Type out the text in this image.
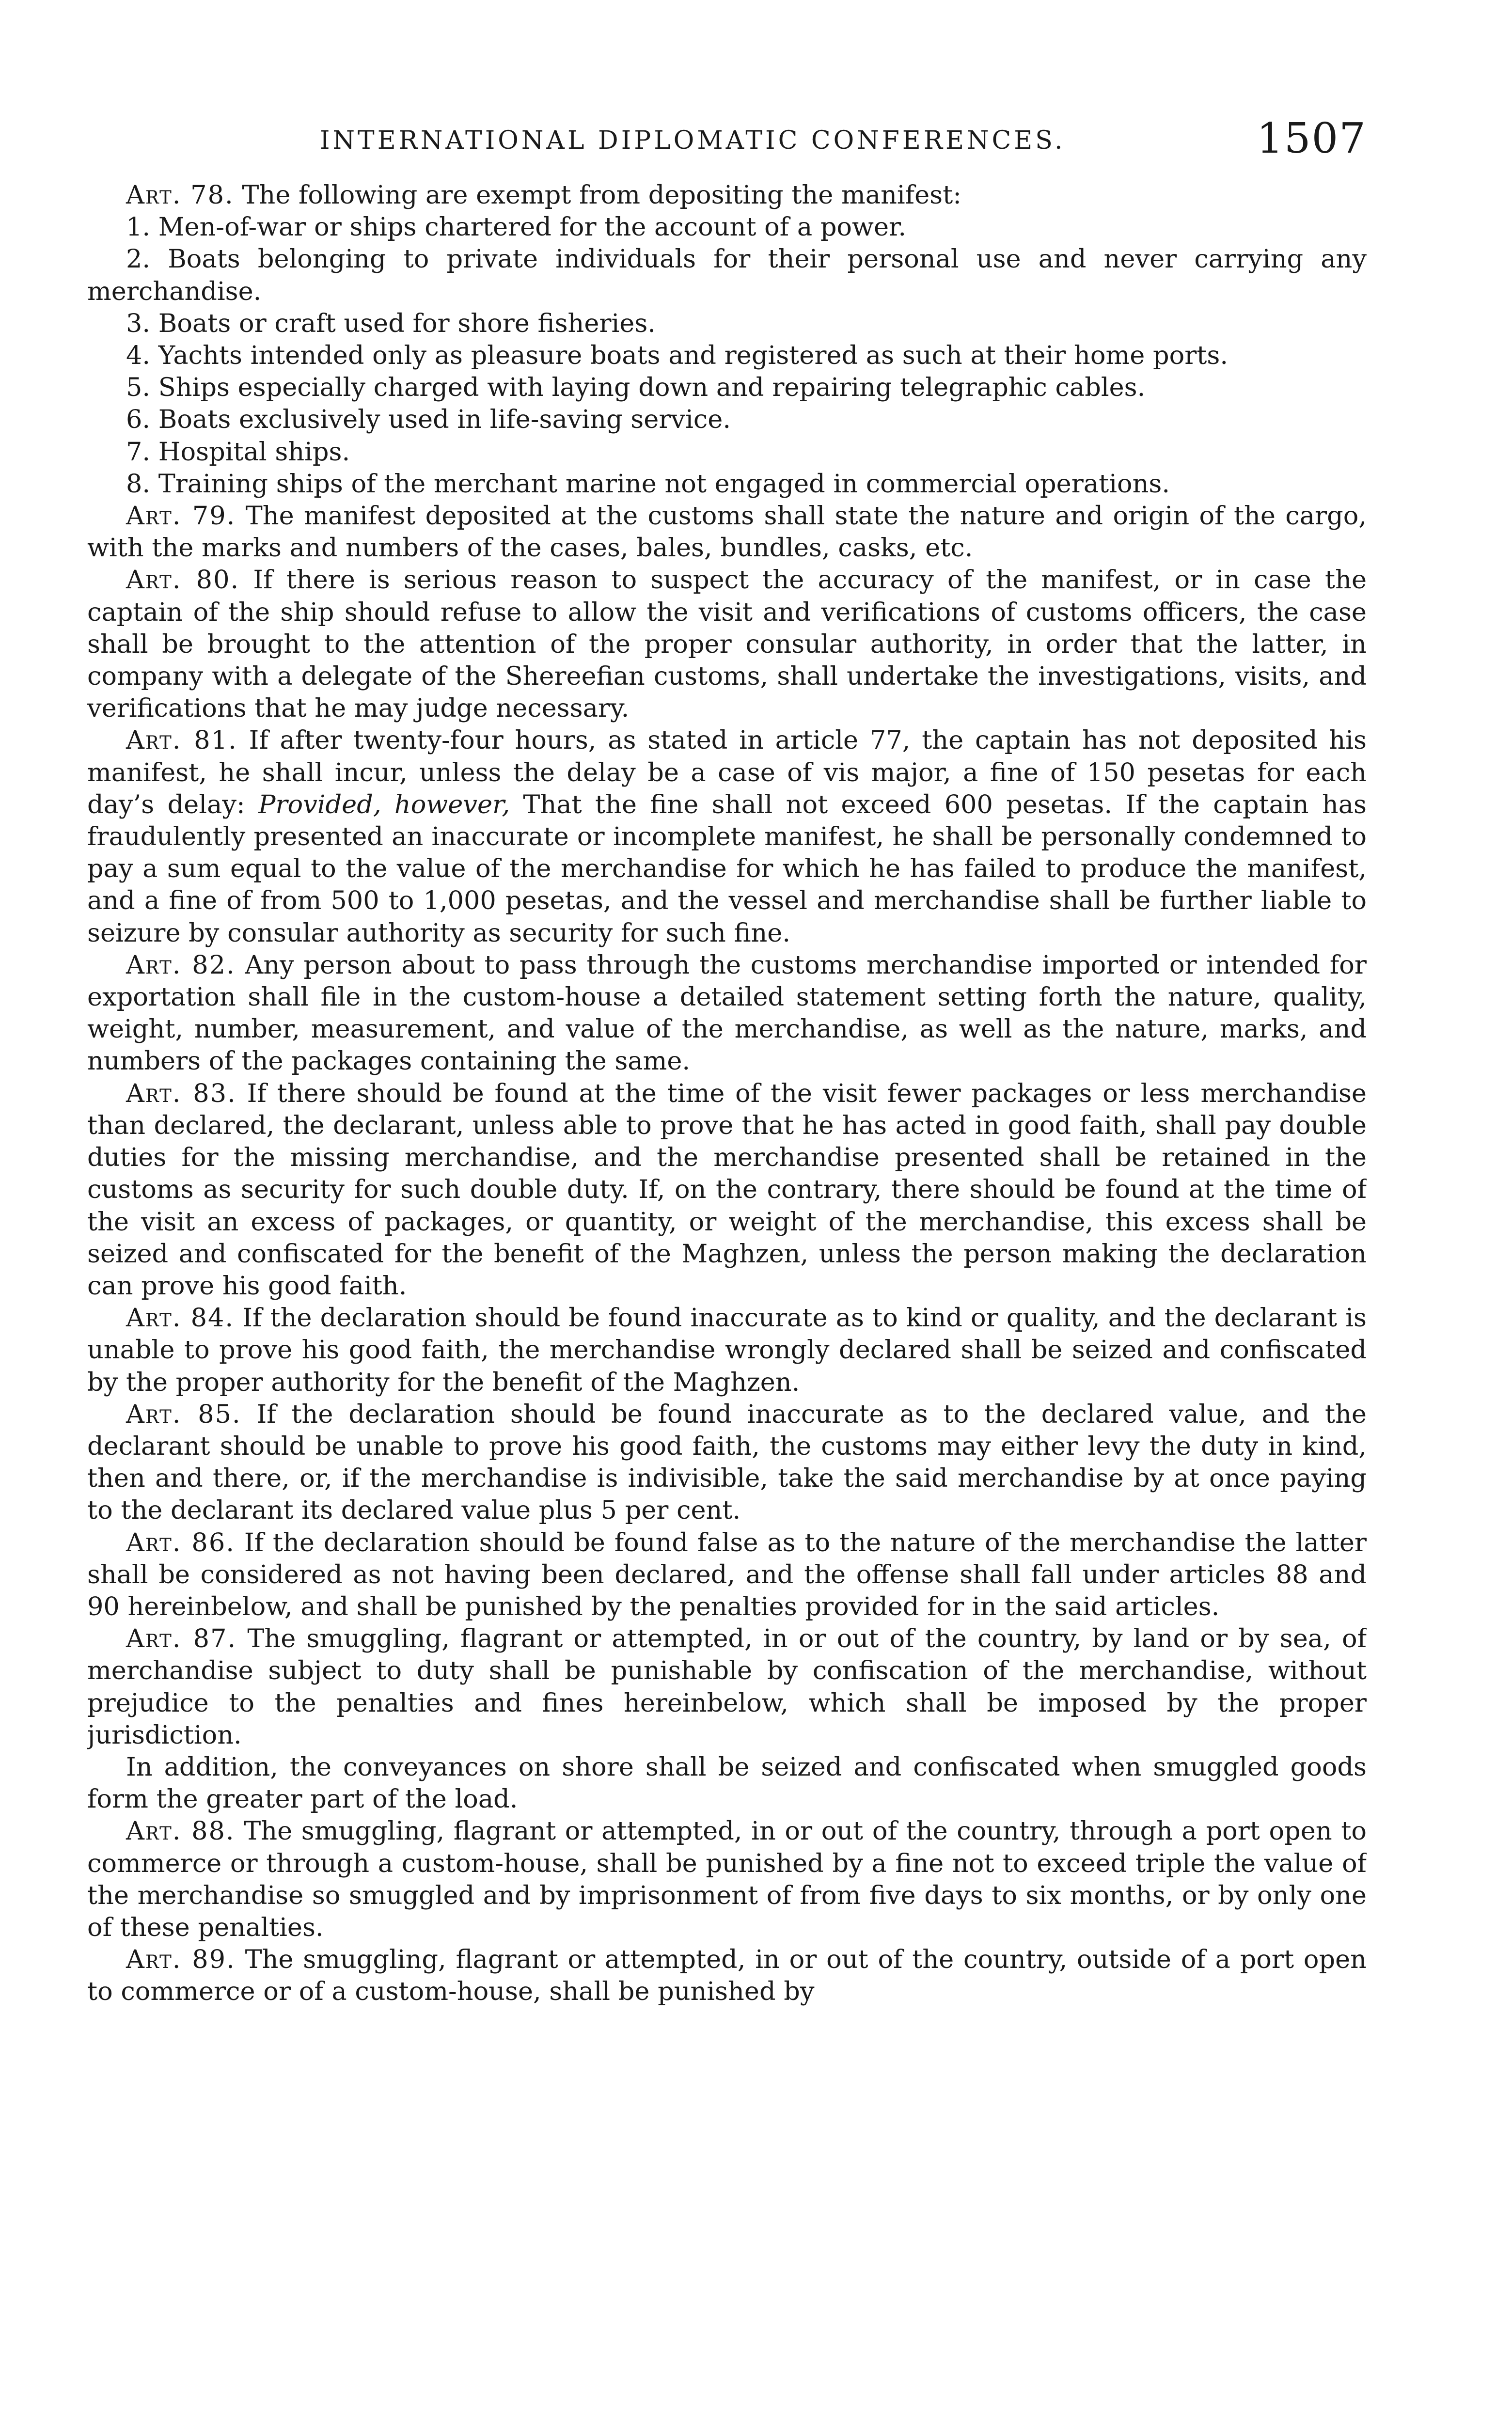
INTERNATIONAL DIPLOMATIC CONFERENCES.	1507

Art. 78. The following are exempt from depositing the manifest:

1. Men-of-war or ships chartered for the account of a power.

2. Boats belonging to private individuals for their personal use and never carrying any merchandise.

3. Boats or craft used for shore fisheries.

4. Yachts intended only as pleasure boats and registered as such at their home ports.

5. Ships especially charged with laying down and repairing telegraphic cables.

6. Boats exclusively used in life-saving service.

7. Hospital ships.

8. Training ships of the merchant marine not engaged in commercial operations.

Art. 79. The manifest deposited at the customs shall state the nature and origin of the cargo, with the marks and numbers of the cases, bales, bundles, casks, etc.

Art. 80. If there is serious reason to suspect the accuracy of the manifest, or in case the captain of the ship should refuse to allow the visit and verifications of customs officers, the case shall be brought to the attention of the proper consular authority, in order that the latter, in company with a delegate of the Shereefian customs, shall undertake the investigations, visits, and verifications that he may judge necessary.

Art. 81. If after twenty-four hours, as stated in article 77, the captain has not deposited his manifest, he shall incur, unless the delay be a case of vis major, a fine of 150 pesetas for each day’s delay: Provided, however, That the fine shall not exceed 600 pesetas. If the captain has fraudulently presented an inaccurate or incomplete manifest, he shall be personally condemned to pay a sum equal to the value of the merchandise for which he has failed to produce the manifest, and a fine of from 500 to 1,000 pesetas, and the vessel and merchandise shall be further liable to seizure by consular authority as security for such fine.

Art. 82. Any person about to pass through the customs merchandise imported or intended for exportation shall file in the custom-house a detailed statement setting forth the nature, quality, weight, number, measurement, and value of the merchandise, as well as the nature, marks, and numbers of the packages containing the same.

Art. 83. If there should be found at the time of the visit fewer packages or less merchandise than declared, the declarant, unless able to prove that he has acted in good faith, shall pay double duties for the missing merchandise, and the merchandise presented shall be retained in the customs as security for such double duty. If, on the contrary, there should be found at the time of the visit an excess of packages, or quantity, or weight of the merchandise, this excess shall be seized and confiscated for the benefit of the Maghzen, unless the person making the declaration can prove his good faith.

Art. 84. If the declaration should be found inaccurate as to kind or quality, and the declarant is unable to prove his good faith, the merchandise wrongly declared shall be seized and confiscated by the proper authority for the benefit of the Maghzen.

Art. 85. If the declaration should be found inaccurate as to the declared value, and the declarant should be unable to prove his good faith, the customs may either levy the duty in kind, then and there, or, if the merchandise is indivisible, take the said merchandise by at once paying to the declarant its declared value plus 5 per cent.

Art. 86. If the declaration should be found false as to the nature of the merchandise the latter shall be considered as not having been declared, and the offense shall fall under articles 88 and 90 hereinbelow, and shall be punished by the penalties provided for in the said articles.

Art. 87. The smuggling, flagrant or attempted, in or out of the country, by land or by sea, of merchandise subject to duty shall be punishable by confiscation of the merchandise, without prejudice to the penalties and fines hereinbelow, which shall be imposed by the proper jurisdiction.

In addition, the conveyances on shore shall be seized and confiscated when smuggled goods form the greater part of the load.

Art. 88. The smuggling, flagrant or attempted, in or out of the country, through a port open to commerce or through a custom-house, shall be punished by a fine not to exceed triple the value of the merchandise so smuggled and by imprisonment of from five days to six months, or by only one of these penalties.

Art. 89. The smuggling, flagrant or attempted, in or out of the country, outside of a port open to commerce or of a custom-house, shall be punished by
